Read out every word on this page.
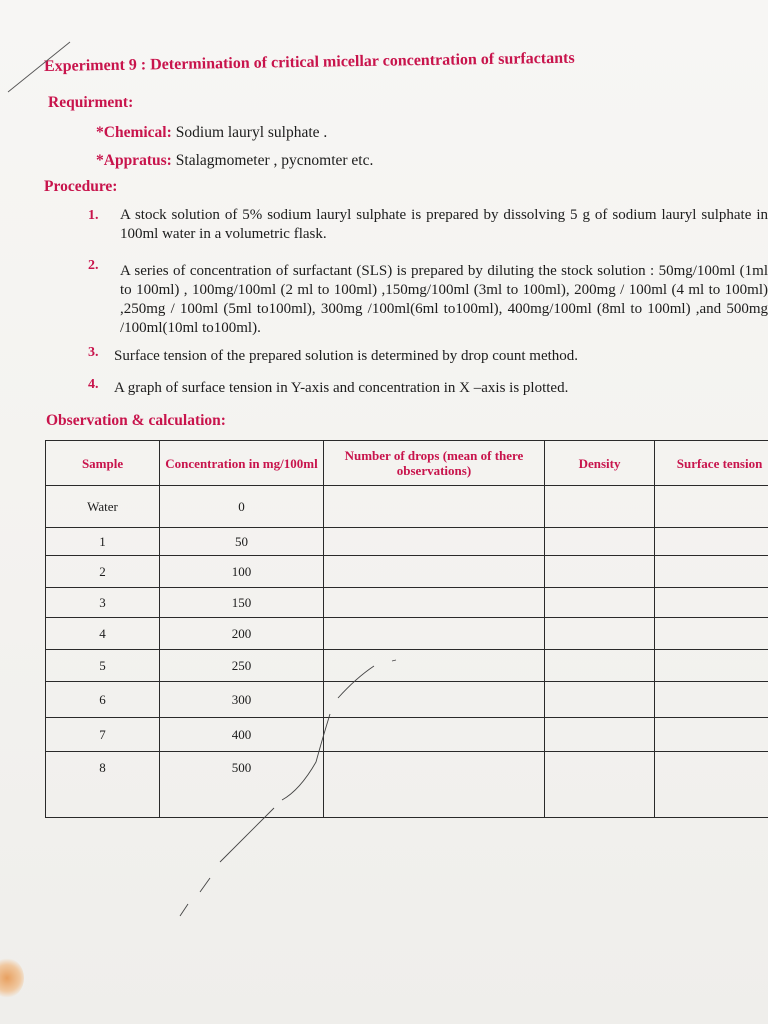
Experiment 9 : Determination of critical micellar concentration of surfactants
Requirment:
*Chemical: Sodium lauryl sulphate .
*Appratus: Stalagmometer , pycnomter etc.
Procedure:
1. A stock solution of 5% sodium lauryl sulphate is prepared by dissolving 5 g of sodium lauryl sulphate in 100ml water in a volumetric flask.
2. A series of concentration of surfactant (SLS) is prepared by diluting the stock solution : 50mg/100ml (1ml to 100ml) , 100mg/100ml (2 ml to 100ml) ,150mg/100ml (3ml to 100ml), 200mg / 100ml (4 ml to 100ml) ,250mg / 100ml (5ml to100ml), 300mg /100ml(6ml to100ml), 400mg/100ml (8ml to 100ml) ,and 500mg /100ml(10ml to100ml).
3. Surface tension of the prepared solution is determined by drop count method.
4. A graph of surface tension in Y-axis and concentration in X –axis is plotted.
Observation & calculation:
Sample	Concentration in mg/100ml	Number of drops (mean of there observations)	Density	Surface tension
Water	0			
1	50			
2	100			
3	150			
4	200			
5	250			
6	300			
7	400			
8	500			
